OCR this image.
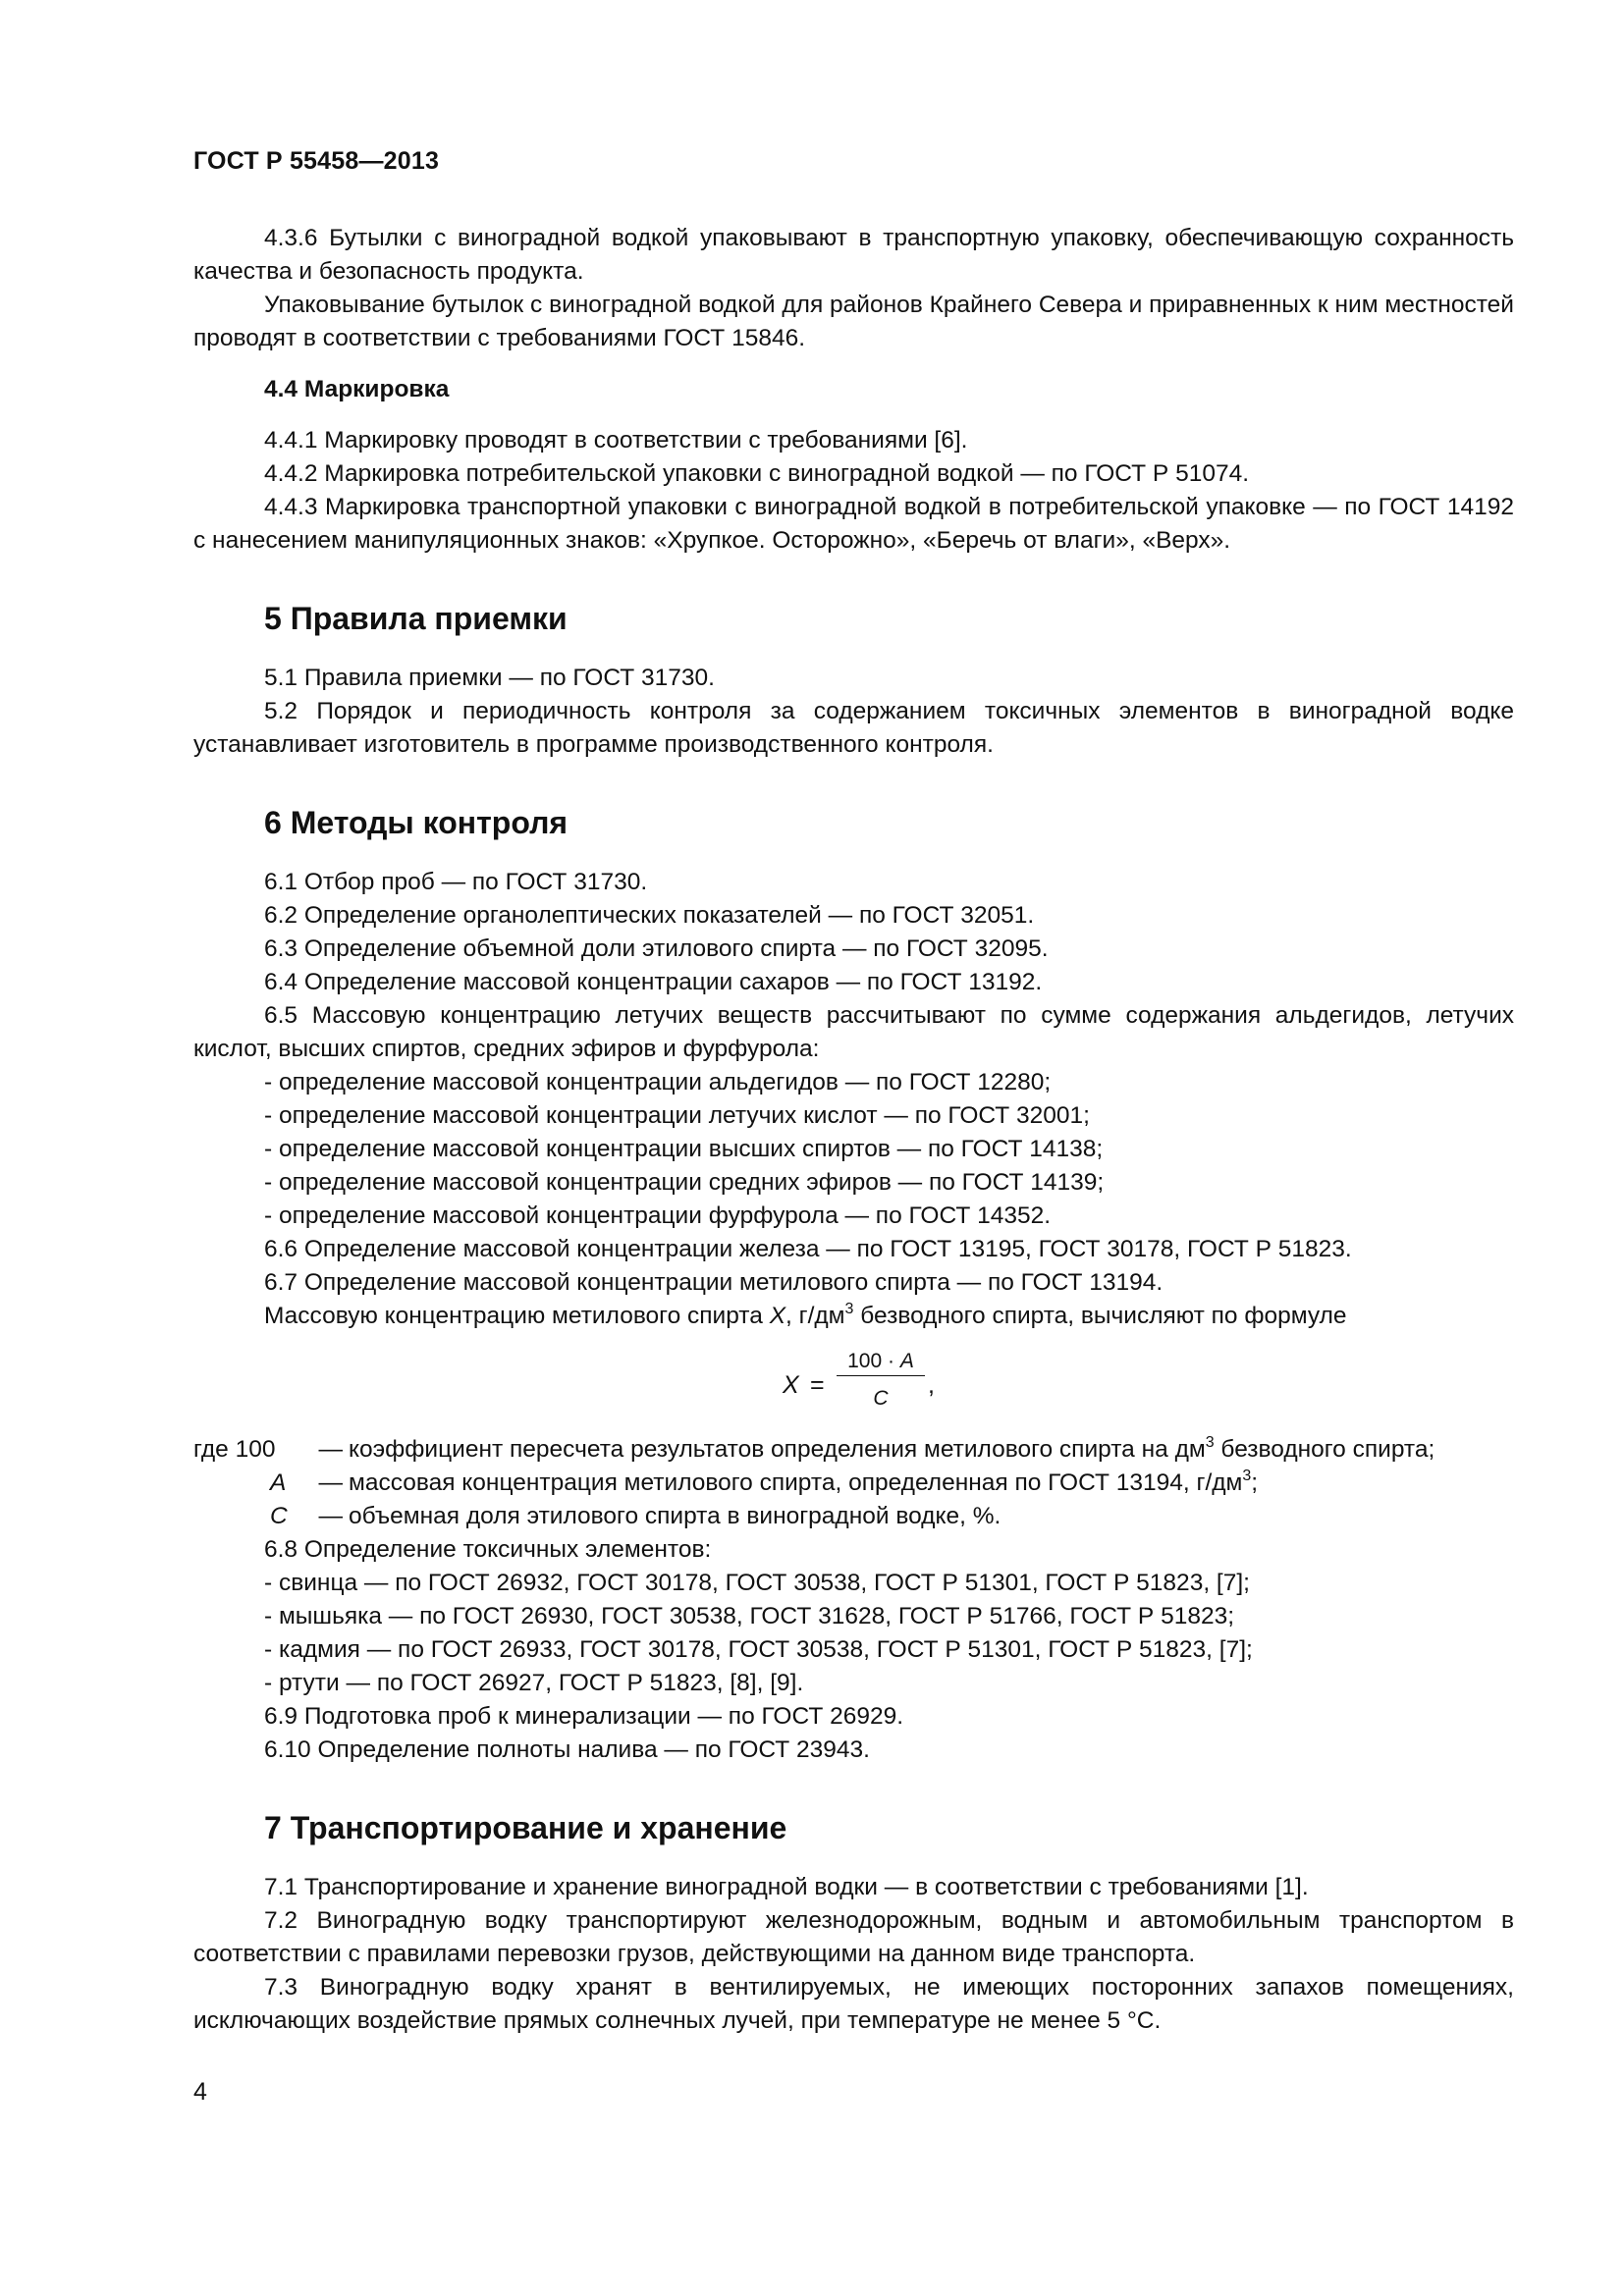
ГОСТ Р 55458—2013

4.3.6 Бутылки с виноградной водкой упаковывают в транспортную упаковку, обеспечивающую сохранность качества и безопасность продукта.

Упаковывание бутылок с виноградной водкой для районов Крайнего Севера и приравненных к ним местностей проводят в соответствии с требованиями ГОСТ 15846.

4.4 Маркировка

4.4.1 Маркировку проводят в соответствии с требованиями [6].

4.4.2 Маркировка потребительской упаковки с виноградной водкой — по ГОСТ Р 51074.

4.4.3 Маркировка транспортной упаковки с виноградной водкой в потребительской упаковке — по ГОСТ 14192 с нанесением манипуляционных знаков: «Хрупкое. Осторожно», «Беречь от влаги», «Верх».

5 Правила приемки

5.1 Правила приемки — по ГОСТ 31730.

5.2 Порядок и периодичность контроля за содержанием токсичных элементов в виноградной водке устанавливает изготовитель в программе производственного контроля.

6 Методы контроля

6.1 Отбор проб — по ГОСТ 31730.

6.2 Определение органолептических показателей — по ГОСТ 32051.

6.3 Определение объемной доли этилового спирта — по ГОСТ 32095.

6.4 Определение массовой концентрации сахаров — по ГОСТ 13192.

6.5 Массовую концентрацию летучих веществ рассчитывают по сумме содержания альдегидов, летучих кислот, высших спиртов, средних эфиров и фурфурола:

- определение массовой концентрации альдегидов — по ГОСТ 12280;

- определение массовой концентрации летучих кислот — по ГОСТ 32001;

- определение массовой концентрации высших спиртов — по ГОСТ 14138;

- определение массовой концентрации средних эфиров — по ГОСТ 14139;

- определение массовой концентрации фурфурола — по ГОСТ 14352.

6.6 Определение массовой концентрации железа — по ГОСТ 13195, ГОСТ 30178, ГОСТ Р 51823.

6.7 Определение массовой концентрации метилового спирта — по ГОСТ 13194.

Массовую концентрацию метилового спирта X, $г/дм^3$ безводного спирта, вычисляют по формуле

X =
100 · A
C	,
где 100 — коэффициент пересчета результатов определения метилового спирта на $дм^3$ безводного спирта;
A — массовая концентрация метилового спирта, определенная по ГОСТ 13194, $г/дм^3$;
C — объемная доля этилового спирта в виноградной водке, %.

6.8 Определение токсичных элементов:

- свинца — по ГОСТ 26932, ГОСТ 30178, ГОСТ 30538, ГОСТ Р 51301, ГОСТ Р 51823, [7];

- мышьяка — по ГОСТ 26930, ГОСТ 30538, ГОСТ 31628, ГОСТ Р 51766, ГОСТ Р 51823;

- кадмия — по ГОСТ 26933, ГОСТ 30178, ГОСТ 30538, ГОСТ Р 51301, ГОСТ Р 51823, [7];

- ртути — по ГОСТ 26927, ГОСТ Р 51823, [8], [9].

6.9 Подготовка проб к минерализации — по ГОСТ 26929.

6.10 Определение полноты налива — по ГОСТ 23943.

7 Транспортирование и хранение

7.1 Транспортирование и хранение виноградной водки — в соответствии с требованиями [1].

7.2 Виноградную водку транспортируют железнодорожным, водным и автомобильным транспортом в соответствии с правилами перевозки грузов, действующими на данном виде транспорта.

7.3 Виноградную водку хранят в вентилируемых, не имеющих посторонних запахов помещениях, исключающих воздействие прямых солнечных лучей, при температуре не менее 5 °С.

4
